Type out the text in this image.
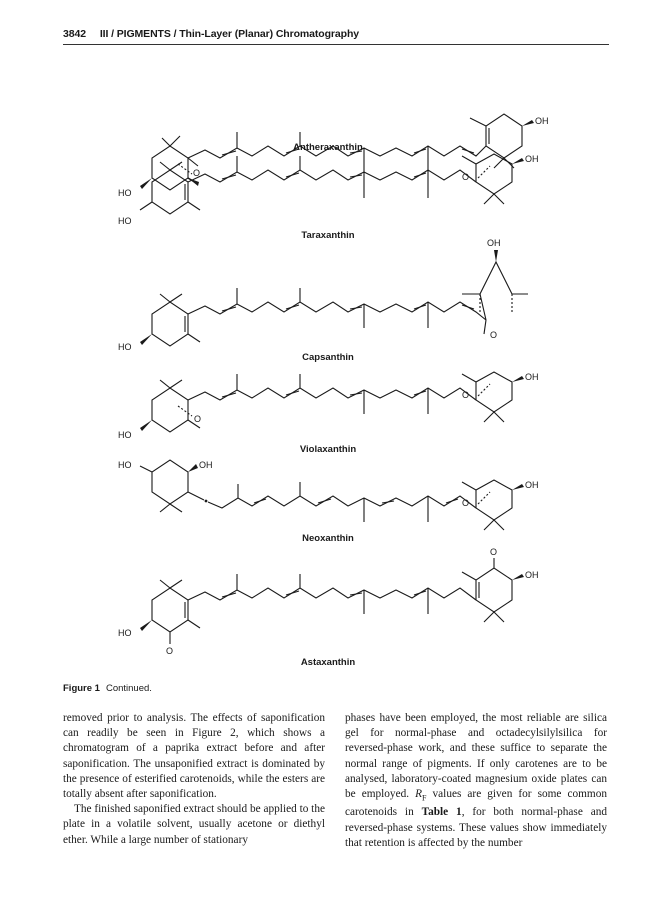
3842 III / PIGMENTS / Thin-Layer (Planar) Chromatography
O
HO
OH
Antheraxanthin
HO
O
OH
Taraxanthin
HO
O
OH
Capsanthin
O
HO
O
OH
Violaxanthin
HO	OH
O
OH
Neoxanthin
O
HO
O
OH
Astaxanthin
Figure 1 Continued.

removed prior to analysis. The effects of saponification can readily be seen in Figure 2, which shows a chromatogram of a paprika extract before and after saponification. The unsaponified extract is dominated by the presence of esterified carotenoids, while the esters are totally absent after saponification.

The finished saponified extract should be applied to the plate in a volatile solvent, usually acetone or diethyl ether. While a large number of stationary

phases have been employed, the most reliable are silica gel for normal-phase and octadecylsilylsilica for reversed-phase work, and these suffice to separate the normal range of pigments. If only carotenes are to be analysed, laboratory-coated magnesium oxide plates can be employed. $R_F$ values are given for some common carotenoids in Table 1, for both normal-phase and reversed-phase systems. These values show immediately that retention is affected by the number
